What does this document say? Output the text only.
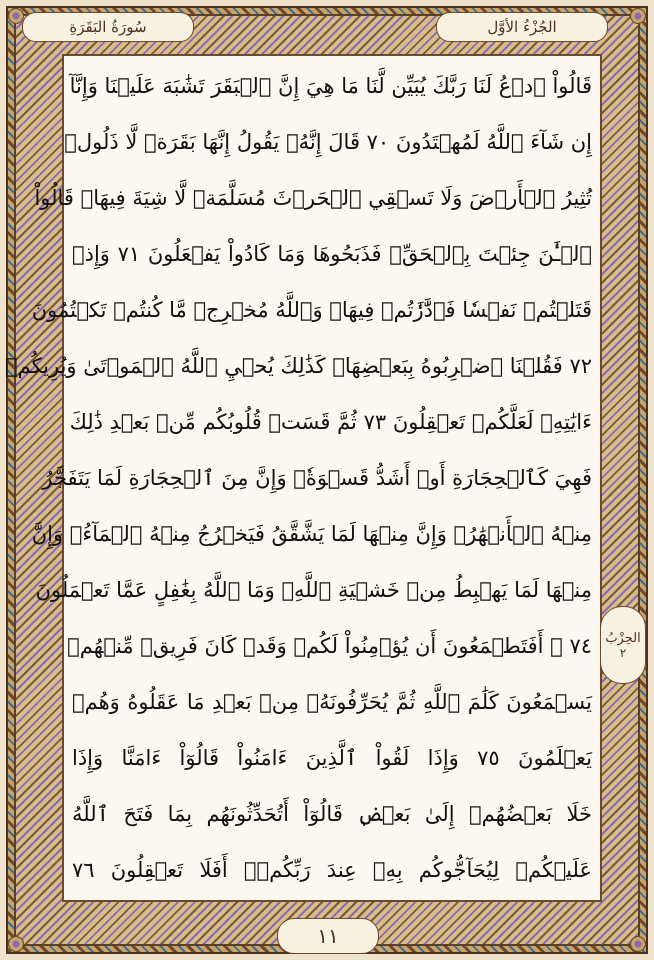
سُورَةُ البَقَرَةِ	الجُزْءُ الأوَّل
قَالُواْ ٱدۡعُ لَنَا رَبَّكَ يُبَيِّن لَّنَا مَا هِيَ إِنَّ ٱلۡبَقَرَ تَشَٰبَهَ عَلَيۡنَا وَإِنَّآ
إِن شَآءَ ٱللَّهُ لَمُهۡتَدُونَ ٧٠ قَالَ إِنَّهُۥ يَقُولُ إِنَّهَا بَقَرَةٞ لَّا ذَلُولٞ
تُثِيرُ ٱلۡأَرۡضَ وَلَا تَسۡقِي ٱلۡحَرۡثَ مُسَلَّمَةٞ لَّا شِيَةَ فِيهَاۚ قَالُواْ
ٱلۡـَٰٔنَ جِئۡتَ بِٱلۡحَقِّۚ فَذَبَحُوهَا وَمَا كَادُواْ يَفۡعَلُونَ ٧١ وَإِذۡ
قَتَلۡتُمۡ نَفۡسٗا فَٱدَّٰرَٰٔتُمۡ فِيهَاۖ وَٱللَّهُ مُخۡرِجٞ مَّا كُنتُمۡ تَكۡتُمُونَ
٧٢ فَقُلۡنَا ٱضۡرِبُوهُ بِبَعۡضِهَاۚ كَذَٰلِكَ يُحۡيِ ٱللَّهُ ٱلۡمَوۡتَىٰ وَيُرِيكُمۡ
ءَايَٰتِهِۦ لَعَلَّكُمۡ تَعۡقِلُونَ ٧٣ ثُمَّ قَسَتۡ قُلُوبُكُم مِّنۢ بَعۡدِ ذَٰلِكَ
فَهِيَ كَٱلۡحِجَارَةِ أَوۡ أَشَدُّ قَسۡوَةٗۚ وَإِنَّ مِنَ ٱلۡحِجَارَةِ لَمَا يَتَفَجَّرُ
مِنۡهُ ٱلۡأَنۡهَٰرُۚ وَإِنَّ مِنۡهَا لَمَا يَشَّقَّقُ فَيَخۡرُجُ مِنۡهُ ٱلۡمَآءُۚ وَإِنَّ
مِنۡهَا لَمَا يَهۡبِطُ مِنۡ خَشۡيَةِ ٱللَّهِۗ وَمَا ٱللَّهُ بِغَٰفِلٍ عَمَّا تَعۡمَلُونَ
٧٤ ۞ أَفَتَطۡمَعُونَ أَن يُؤۡمِنُواْ لَكُمۡ وَقَدۡ كَانَ فَرِيقٞ مِّنۡهُمۡ
يَسۡمَعُونَ كَلَٰمَ ٱللَّهِ ثُمَّ يُحَرِّفُونَهُۥ مِنۢ بَعۡدِ مَا عَقَلُوهُ وَهُمۡ
يَعۡلَمُونَ ٧٥ وَإِذَا لَقُواْ ٱلَّذِينَ ءَامَنُواْ قَالُوٓاْ ءَامَنَّا وَإِذَا
خَلَا بَعۡضُهُمۡ إِلَىٰ بَعۡضٖ قَالُوٓاْ أَتُحَدِّثُونَهُم بِمَا فَتَحَ ٱللَّهُ
عَلَيۡكُمۡ لِيُحَآجُّوكُم بِهِۦ عِندَ رَبِّكُمۡۚ أَفَلَا تَعۡقِلُونَ ٧٦
الحِزْبُ
٢
١١
